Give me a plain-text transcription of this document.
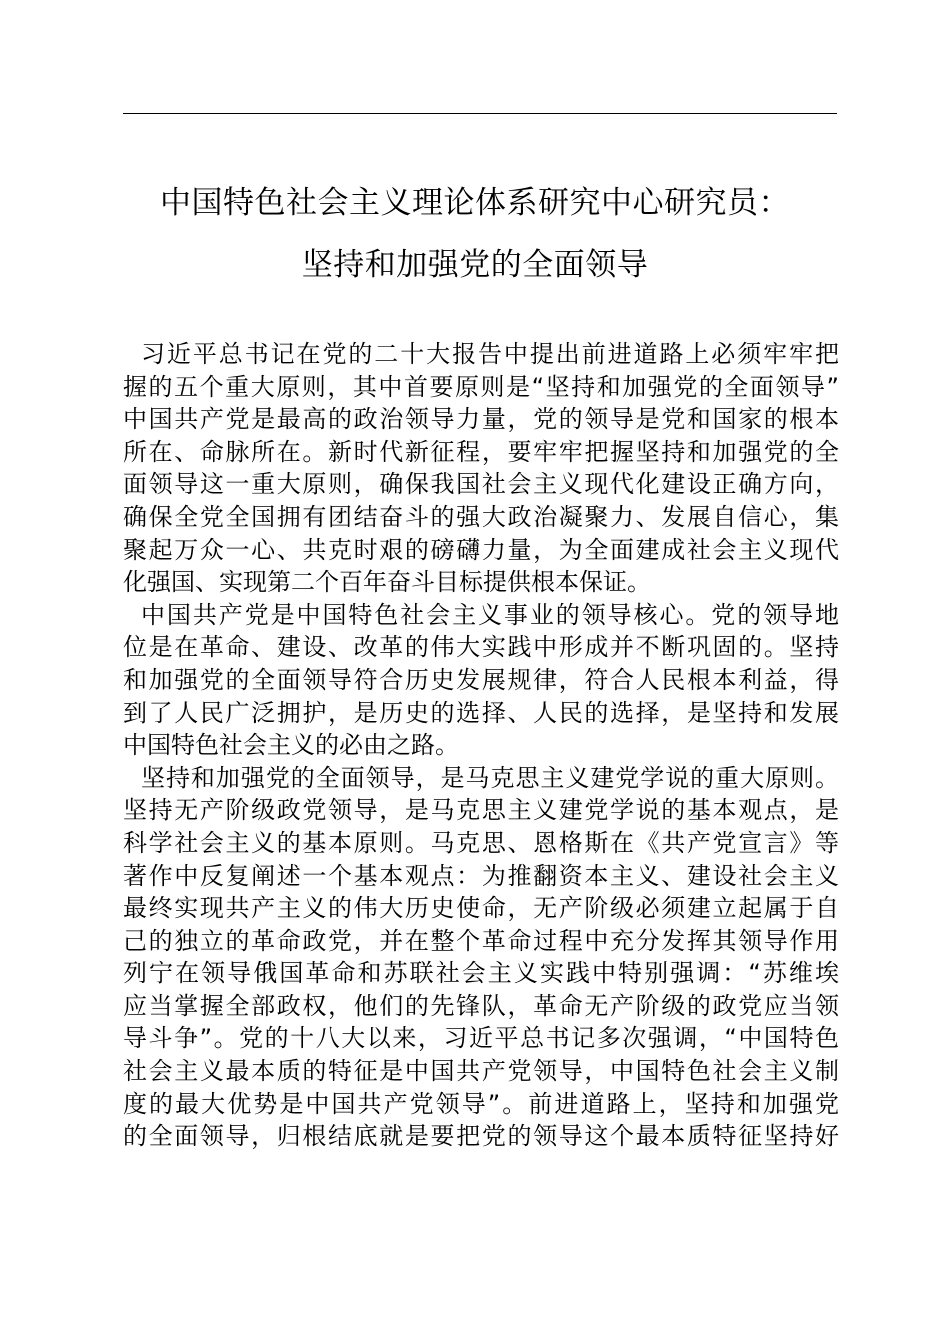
中国特色社会主义理论体系研究中心研究员：
坚持和加强党的全面领导
习近平总书记在党的二十大报告中提出前进道路上必须牢牢把
握的五个重大原则，其中首要原则是“坚持和加强党的全面领导”
中国共产党是最高的政治领导力量，党的领导是党和国家的根本
所在、命脉所在。新时代新征程，要牢牢把握坚持和加强党的全
面领导这一重大原则，确保我国社会主义现代化建设正确方向，
确保全党全国拥有团结奋斗的强大政治凝聚力、发展自信心，集
聚起万众一心、共克时艰的磅礴力量，为全面建成社会主义现代
化强国、实现第二个百年奋斗目标提供根本保证。
中国共产党是中国特色社会主义事业的领导核心。党的领导地
位是在革命、建设、改革的伟大实践中形成并不断巩固的。坚持
和加强党的全面领导符合历史发展规律，符合人民根本利益，得
到了人民广泛拥护，是历史的选择、人民的选择，是坚持和发展
中国特色社会主义的必由之路。
坚持和加强党的全面领导，是马克思主义建党学说的重大原则。
坚持无产阶级政党领导，是马克思主义建党学说的基本观点，是
科学社会主义的基本原则。马克思、恩格斯在《共产党宣言》等
著作中反复阐述一个基本观点：为推翻资本主义、建设社会主义
最终实现共产主义的伟大历史使命，无产阶级必须建立起属于自
己的独立的革命政党，并在整个革命过程中充分发挥其领导作用
列宁在领导俄国革命和苏联社会主义实践中特别强调：“苏维埃
应当掌握全部政权，他们的先锋队，革命无产阶级的政党应当领
导斗争”。党的十八大以来，习近平总书记多次强调，“中国特色
社会主义最本质的特征是中国共产党领导，中国特色社会主义制
度的最大优势是中国共产党领导”。前进道路上，坚持和加强党
的全面领导，归根结底就是要把党的领导这个最本质特征坚持好
